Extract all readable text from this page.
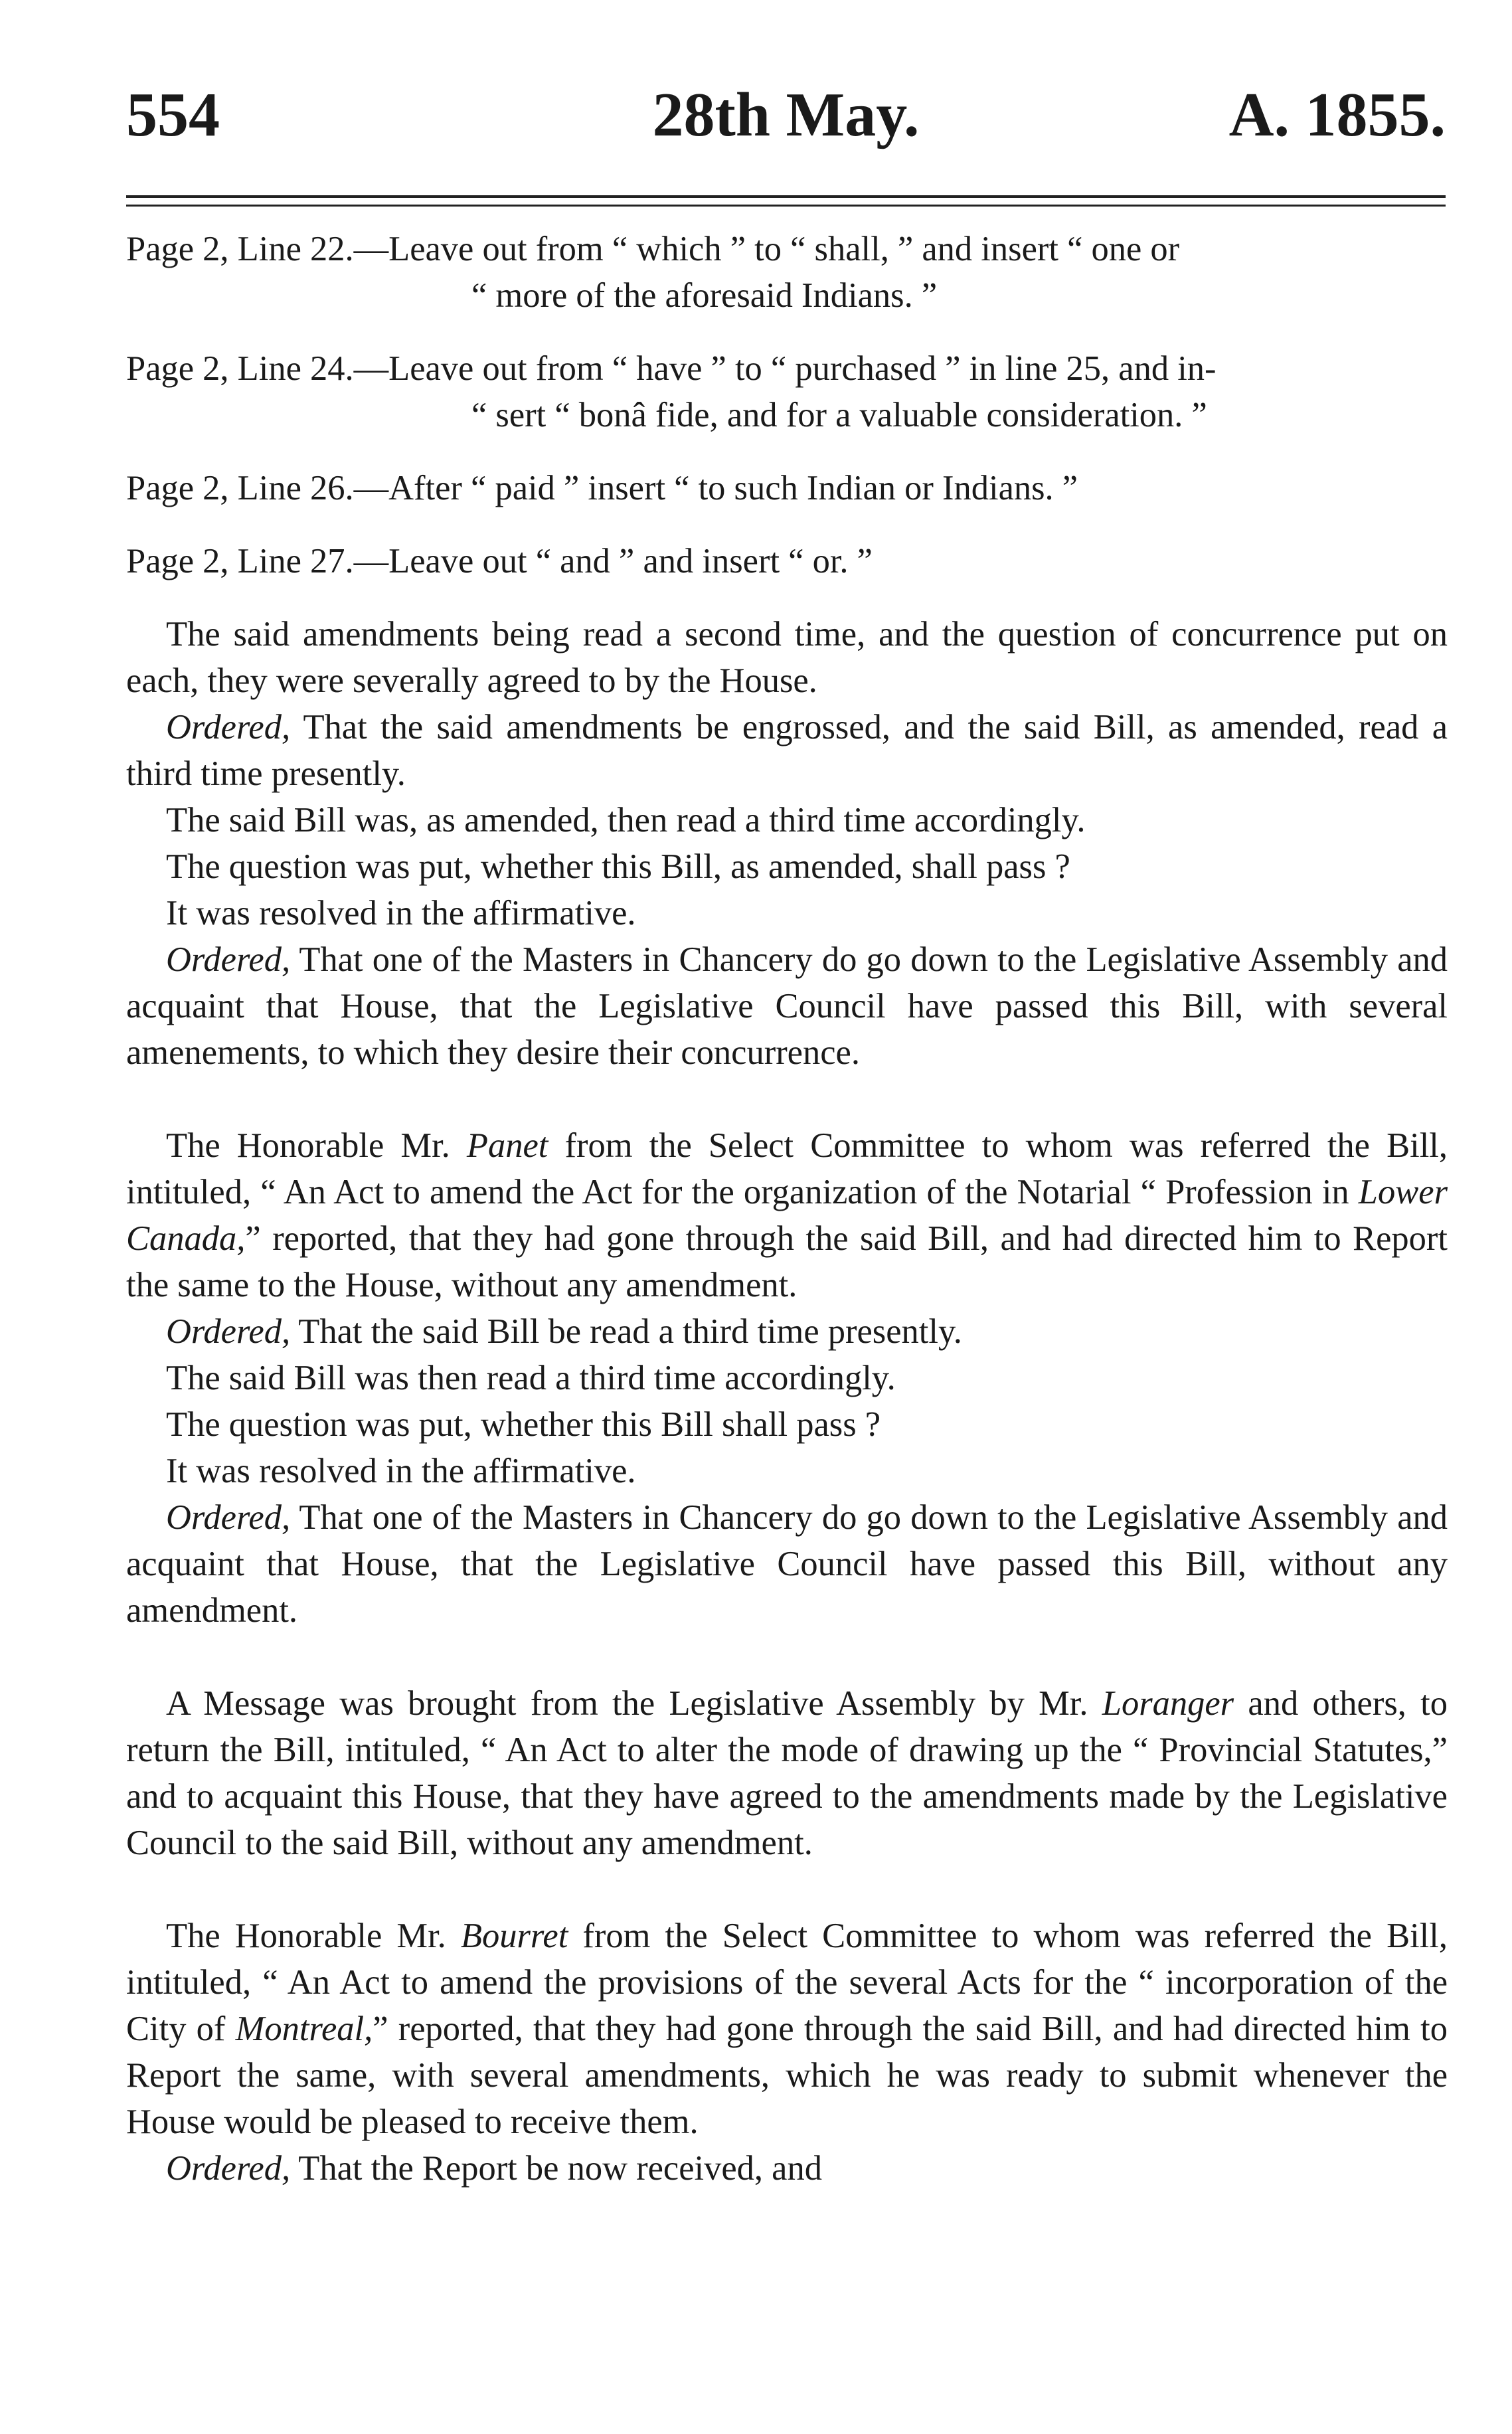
554	28th May.	A. 1855.
Page 2, Line 22.—Leave out from “ which ” to “ shall, ” and insert “ one or
“ more of the aforesaid Indians. ”
Page 2, Line 24.—Leave out from “ have ” to “ purchased ” in line 25, and in-
“ sert “ bonâ fide, and for a valuable consideration. ”
Page 2, Line 26.—After “ paid ” insert “ to such Indian or Indians. ”
Page 2, Line 27.—Leave out “ and ” and insert “ or. ”

The said amendments being read a second time, and the question of concurrence put on each, they were severally agreed to by the House.

Ordered, That the said amendments be engrossed, and the said Bill, as amended, read a third time presently.

The said Bill was, as amended, then read a third time accordingly.

The question was put, whether this Bill, as amended, shall pass ?

It was resolved in the affirmative.

Ordered, That one of the Masters in Chancery do go down to the Legislative Assembly and acquaint that House, that the Legislative Council have passed this Bill, with several amenements, to which they desire their concurrence.

The Honorable Mr. Panet from the Select Committee to whom was referred the Bill, intituled, “ An Act to amend the Act for the organization of the Notarial “ Profession in Lower Canada,” reported, that they had gone through the said Bill, and had directed him to Report the same to the House, without any amendment.

Ordered, That the said Bill be read a third time presently.

The said Bill was then read a third time accordingly.

The question was put, whether this Bill shall pass ?

It was resolved in the affirmative.

Ordered, That one of the Masters in Chancery do go down to the Legislative Assembly and acquaint that House, that the Legislative Council have passed this Bill, without any amendment.

A Message was brought from the Legislative Assembly by Mr. Loranger and others, to return the Bill, intituled, “ An Act to alter the mode of drawing up the “ Provincial Statutes,” and to acquaint this House, that they have agreed to the amendments made by the Legislative Council to the said Bill, without any amendment.

The Honorable Mr. Bourret from the Select Committee to whom was referred the Bill, intituled, “ An Act to amend the provisions of the several Acts for the “ incorporation of the City of Montreal,” reported, that they had gone through the said Bill, and had directed him to Report the same, with several amendments, which he was ready to submit whenever the House would be pleased to receive them.

Ordered, That the Report be now received, and
